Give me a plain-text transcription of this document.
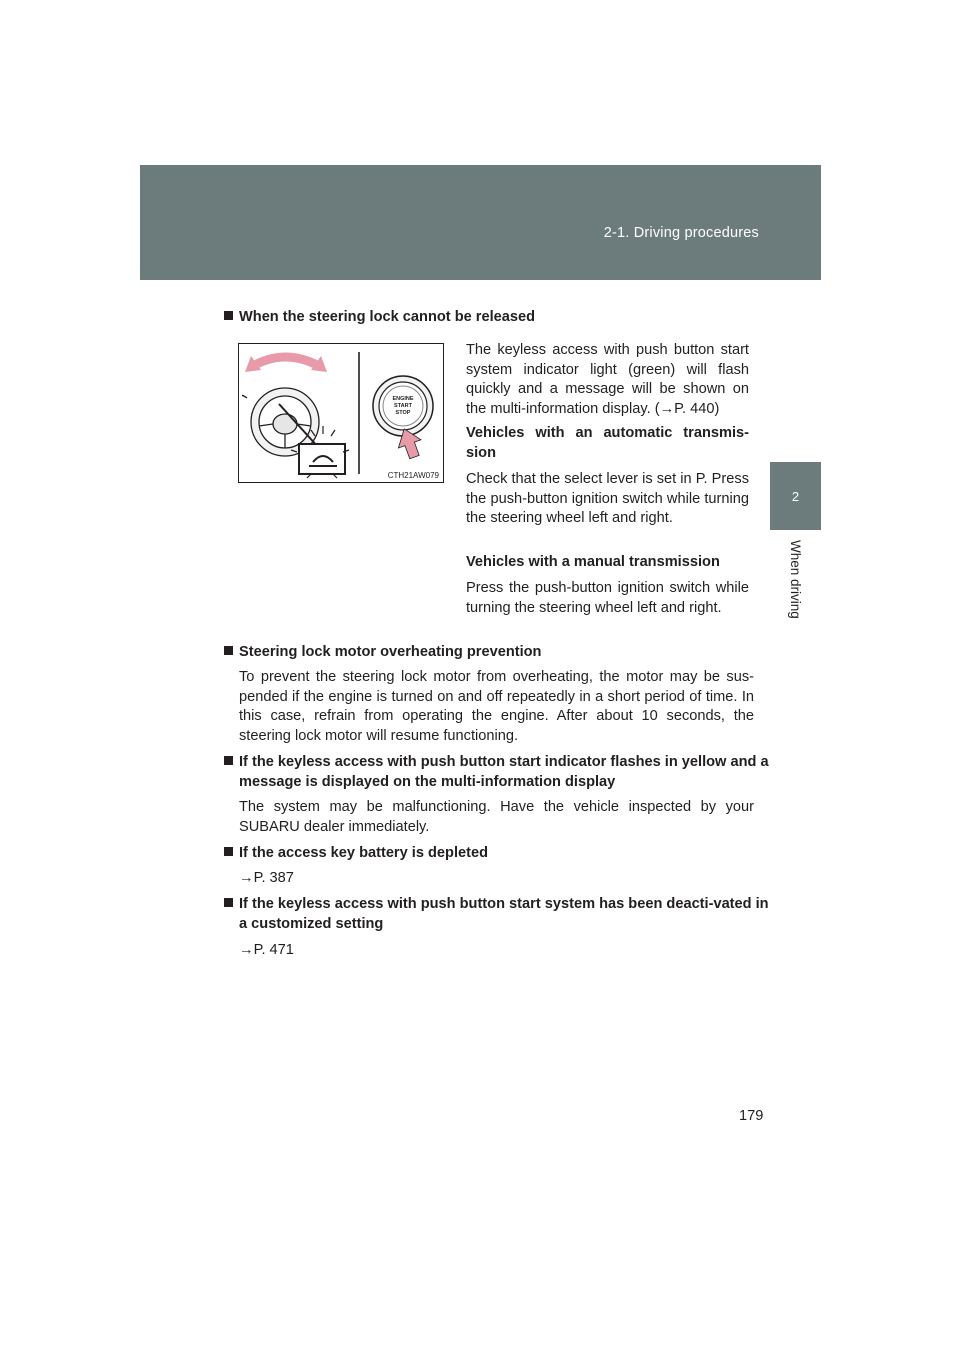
2-1. Driving procedures
2
When driving
When the steering lock cannot be released
ENGINE
START
STOP
CTH21AW079
The keyless access with push button start system indicator light (green) will flash quickly and a message will be shown on the multi-information display. (→P. 440)
Vehicles with an automatic transmis-sion
Check that the select lever is set in P. Press the push-button ignition switch while turning the steering wheel left and right.
Vehicles with a manual transmission
Press the push-button ignition switch while turning the steering wheel left and right.
Steering lock motor overheating prevention
To prevent the steering lock motor from overheating, the motor may be sus-pended if the engine is turned on and off repeatedly in a short period of time. In this case, refrain from operating the engine. After about 10 seconds, the steering lock motor will resume functioning.
If the keyless access with push button start indicator flashes in yellow and a message is displayed on the multi-information display
The system may be malfunctioning. Have the vehicle inspected by your SUBARU dealer immediately.
If the access key battery is depleted
→P. 387
If the keyless access with push button start system has been deacti-vated in a customized setting
→P. 471
179
